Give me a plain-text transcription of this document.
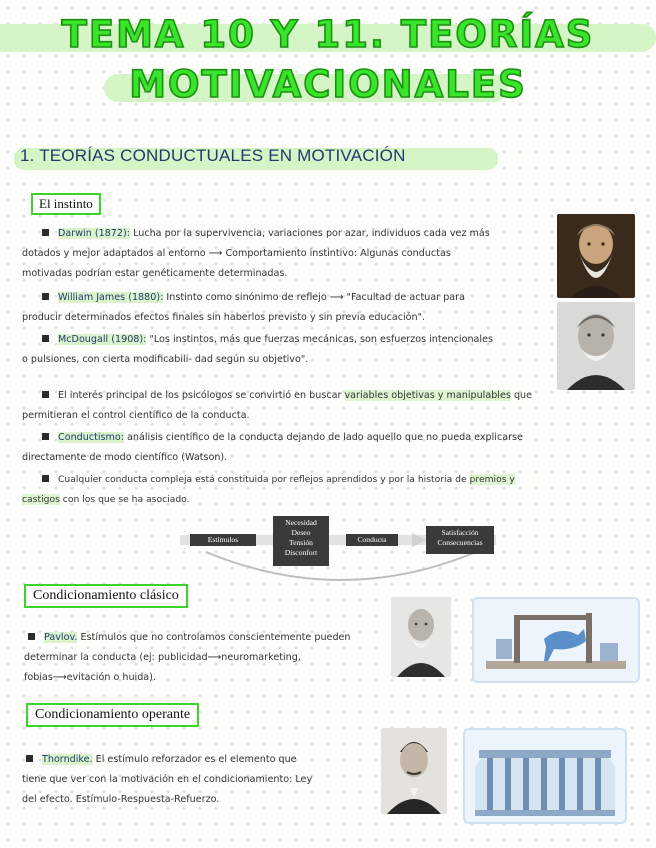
TEMA 10 Y 11. TEORÍAS
MOTIVACIONALES
1. TEORÍAS CONDUCTUALES EN MOTIVACIÓN
El instinto
Darwin (1872): Lucha por la supervivencia, variaciones por azar, individuos cada vez más
dotados y mejor adaptados al entorno ⟶ Comportamiento instintivo: Algunas conductas
motivadas podrían estar genéticamente determinadas.
William James (1880): Instinto como sinónimo de reflejo ⟶ "Facultad de actuar para
producir determinados efectos finales sin haberlos previsto y sin previa educación".
McDougall (1908): "Los instintos, más que fuerzas mecánicas, son esfuerzos intencionales
o pulsiones, con cierta modificabili- dad según su objetivo".
El interés principal de los psicólogos se convirtió en buscar variables objetivas y manipulables que
permitieran el control científico de la conducta.
Conductismo: análisis científico de la conducta dejando de lado aquello que no pueda explicarse
directamente de modo científico (Watson).
Cualquier conducta compleja está constituida por reflejos aprendidos y por la historia de premios y
castigos con los que se ha asociado.
Estímulos
Necesidad
Deseo
Tensión
Disconfort
Conducta
Satisfacción
Consecuencias
Condicionamiento clásico
Pavlov. Estímulos que no controlamos conscientemente pueden
determinar la conducta (ej: publicidad⟶neuromarketing,
fobias⟶evitación o huida).
Condicionamiento operante
Thorndike. El estímulo reforzador es el elemento que
tiene que ver con la motivación en el condicionamiento: Ley
del efecto. Estímulo-Respuesta-Refuerzo.
